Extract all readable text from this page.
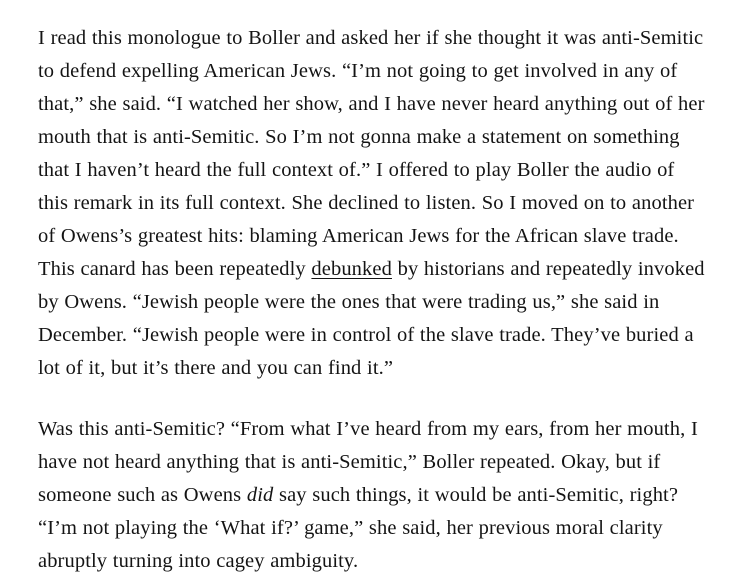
I read this monologue to Boller and asked her if she thought it was anti-Semitic to defend expelling American Jews. “I’m not going to get involved in any of that,” she said. “I watched her show, and I have never heard anything out of her mouth that is anti-Semitic. So I’m not gonna make a statement on something that I haven’t heard the full context of.” I offered to play Boller the audio of this remark in its full context. She declined to listen. So I moved on to another of Owens’s greatest hits: blaming American Jews for the African slave trade. This canard has been repeatedly debunked by historians and repeatedly invoked by Owens. “Jewish people were the ones that were trading us,” she said in December. “Jewish people were in control of the slave trade. They’ve buried a lot of it, but it’s there and you can find it.”

Was this anti-Semitic? “From what I’ve heard from my ears, from her mouth, I have not heard anything that is anti-Semitic,” Boller repeated. Okay, but if someone such as Owens did say such things, it would be anti-Semitic, right? “I’m not playing the ‘What if?’ game,” she said, her previous moral clarity abruptly turning into cagey ambiguity.
